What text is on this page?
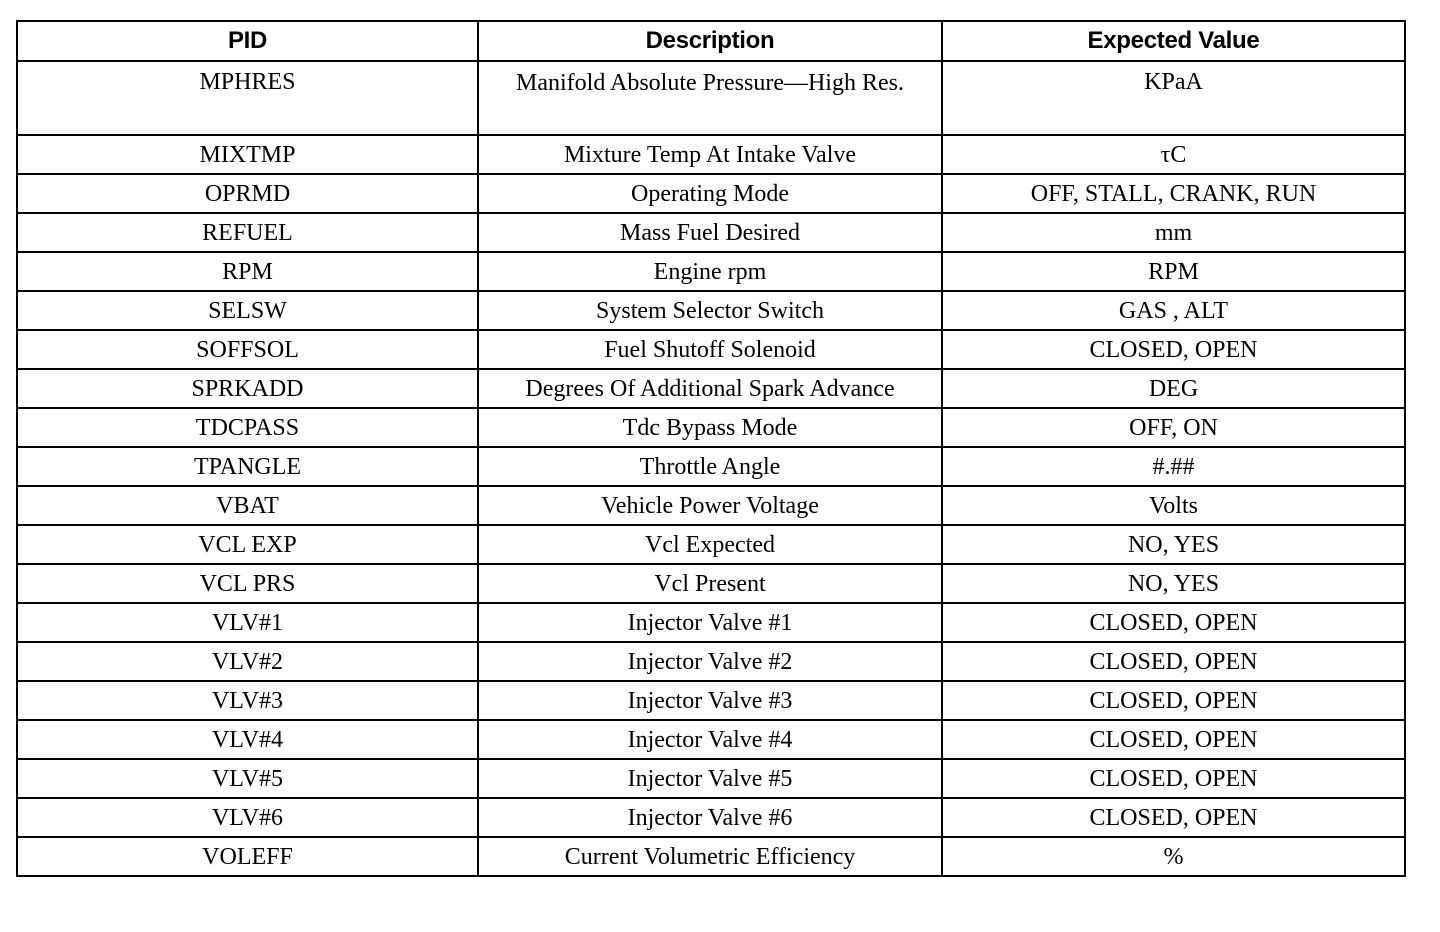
PID	Description	Expected Value
MPHRES	Manifold Absolute Pressure—High Res.	KPaA
MIXTMP	Mixture Temp At Intake Valve	τC
OPRMD	Operating Mode	OFF, STALL, CRANK, RUN
REFUEL	Mass Fuel Desired	mm
RPM	Engine rpm	RPM
SELSW	System Selector Switch	GAS , ALT
SOFFSOL	Fuel Shutoff Solenoid	CLOSED, OPEN
SPRKADD	Degrees Of Additional Spark Advance	DEG
TDCPASS	Tdc Bypass Mode	OFF, ON
TPANGLE	Throttle Angle	#.##
VBAT	Vehicle Power Voltage	Volts
VCL EXP	Vcl Expected	NO, YES
VCL PRS	Vcl Present	NO, YES
VLV#1	Injector Valve #1	CLOSED, OPEN
VLV#2	Injector Valve #2	CLOSED, OPEN
VLV#3	Injector Valve #3	CLOSED, OPEN
VLV#4	Injector Valve #4	CLOSED, OPEN
VLV#5	Injector Valve #5	CLOSED, OPEN
VLV#6	Injector Valve #6	CLOSED, OPEN
VOLEFF	Current Volumetric Efficiency	%
